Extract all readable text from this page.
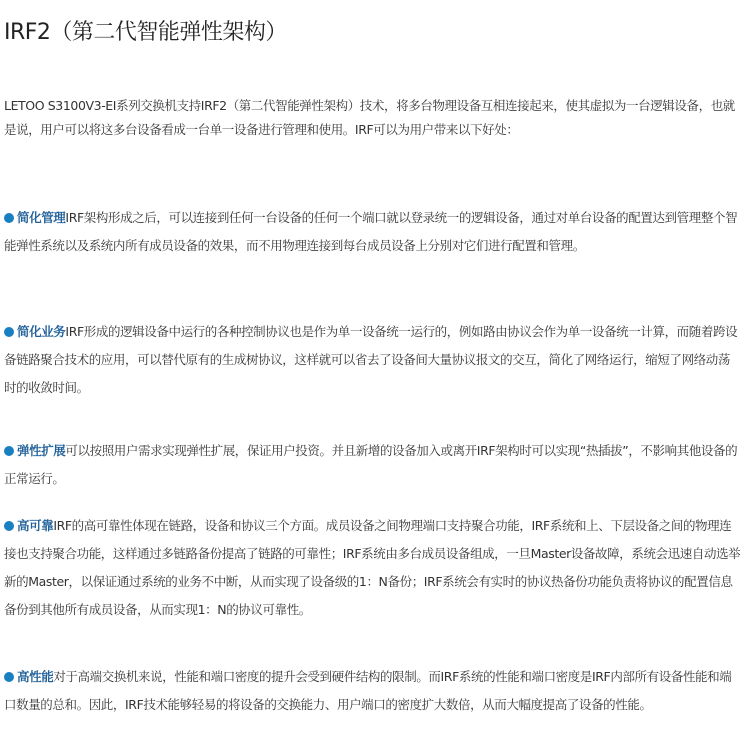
IRF2（第二代智能弹性架构）
LETOO S3100V3-EI系列交换机支持IRF2（第二代智能弹性架构）技术，将多台物理设备互相连接起来，使其虚拟为一台逻辑设备，也就是说，用户可以将这多台设备看成一台单一设备进行管理和使用。IRF可以为用户带来以下好处：
简化管理IRF架构形成之后，可以连接到任何一台设备的任何一个端口就以登录统一的逻辑设备，通过对单台设备的配置达到管理整个智能弹性系统以及系统内所有成员设备的效果，而不用物理连接到每台成员设备上分别对它们进行配置和管理。
简化业务IRF形成的逻辑设备中运行的各种控制协议也是作为单一设备统一运行的，例如路由协议会作为单一设备统一计算，而随着跨设备链路聚合技术的应用，可以替代原有的生成树协议，这样就可以省去了设备间大量协议报文的交互，简化了网络运行，缩短了网络动荡时的收敛时间。
弹性扩展可以按照用户需求实现弹性扩展，保证用户投资。并且新增的设备加入或离开IRF架构时可以实现“热插拔”，不影响其他设备的正常运行。
高可靠IRF的高可靠性体现在链路，设备和协议三个方面。成员设备之间物理端口支持聚合功能，IRF系统和上、下层设备之间的物理连接也支持聚合功能，这样通过多链路备份提高了链路的可靠性；IRF系统由多台成员设备组成，一旦Master设备故障，系统会迅速自动选举新的Master，以保证通过系统的业务不中断，从而实现了设备级的1：N备份；IRF系统会有实时的协议热备份功能负责将协议的配置信息备份到其他所有成员设备，从而实现1：N的协议可靠性。
高性能对于高端交换机来说，性能和端口密度的提升会受到硬件结构的限制。而IRF系统的性能和端口密度是IRF内部所有设备性能和端口数量的总和。因此，IRF技术能够轻易的将设备的交换能力、用户端口的密度扩大数倍，从而大幅度提高了设备的性能。
